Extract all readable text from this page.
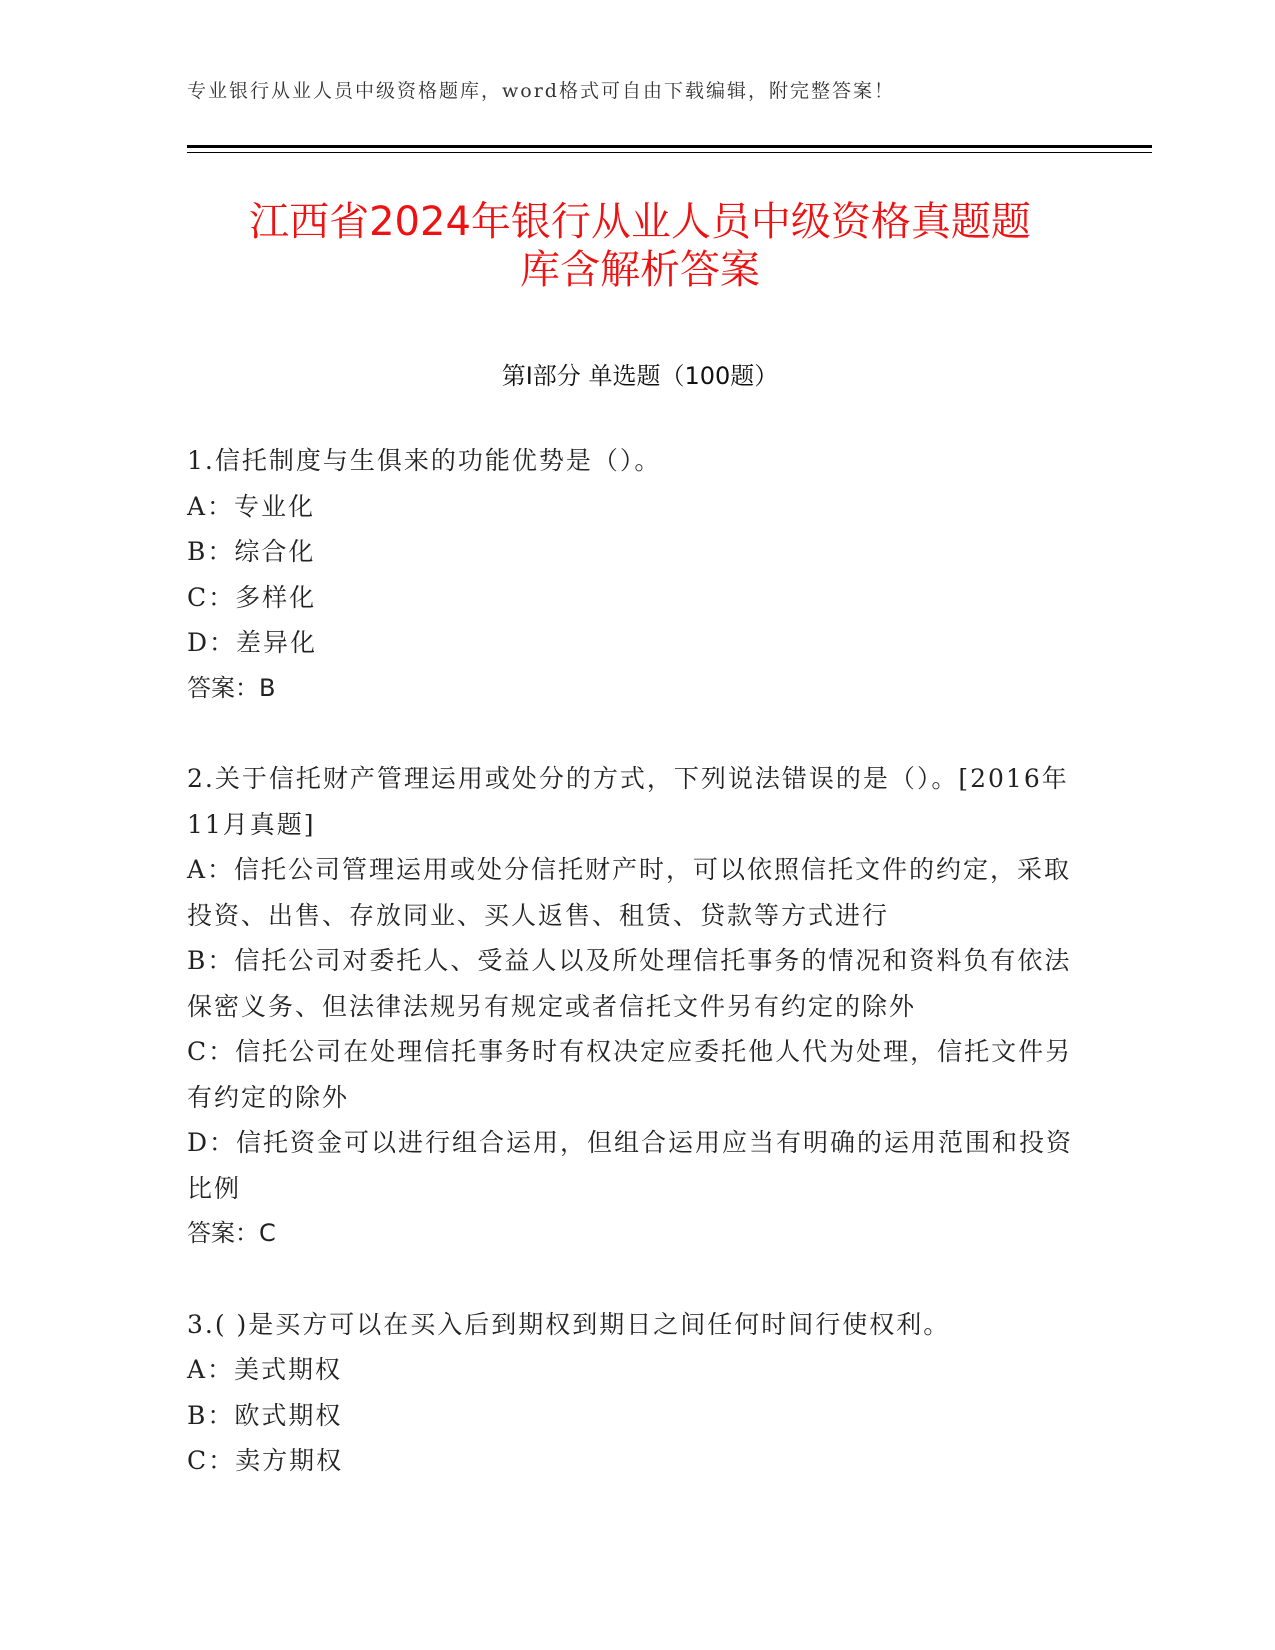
专业银行从业人员中级资格题库，word格式可自由下载编辑，附完整答案！
江西省2024年银行从业人员中级资格真题题
库含解析答案
第Ⅰ部分 单选题（100题）

1.信托制度与生俱来的功能优势是（）。

A：专业化

B：综合化

C：多样化

D：差异化

答案：B

2.关于信托财产管理运用或处分的方式，下列说法错误的是（）。[2016年11月真题]

A：信托公司管理运用或处分信托财产时，可以依照信托文件的约定，采取投资、出售、存放同业、买人返售、租赁、贷款等方式进行

B：信托公司对委托人、受益人以及所处理信托事务的情况和资料负有依法保密义务、但法律法规另有规定或者信托文件另有约定的除外

C：信托公司在处理信托事务时有权决定应委托他人代为处理，信托文件另有约定的除外

D：信托资金可以进行组合运用，但组合运用应当有明确的运用范围和投资比例

答案：C

3.( )是买方可以在买入后到期权到期日之间任何时间行使权利。

A：美式期权

B：欧式期权

C：卖方期权
